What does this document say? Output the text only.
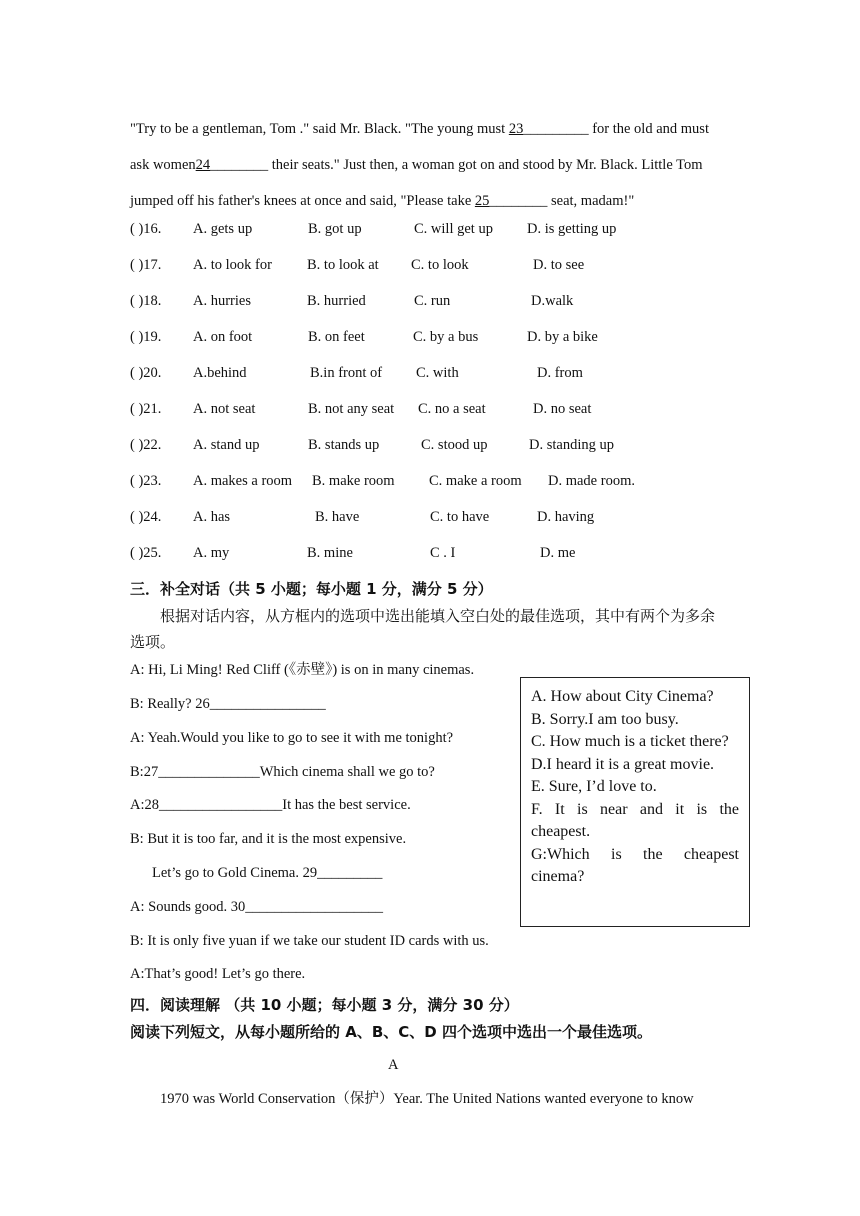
"Try to be a gentleman, Tom ." said Mr. Black. "The young must 23_________ for the old and must
ask women24________ their seats." Just then, a woman got on and stood by Mr. Black. Little Tom
jumped off his father's knees at once and said, "Please take 25________ seat, madam!"
( )16. A. gets up	B. got up	C. will get up D. is getting up
( )17. A. to look for B. to look at C. to look	D. to see
( )18. A. hurries	B. hurried	C. run	D.walk
( )19. A. on foot	B. on feet	C. by a bus	D. by a bike
( )20. A.behind	B.in front of C. with	D. from
( )21. A. not seat	B. not any seat C. no a seat	D. no seat
( )22. A. stand up	B. stands up	C. stood up	D. standing up
( )23. A. makes a room B. make room C. make a room D. made room.
( )24. A. has	B. have	C. to have	D. having
( )25. A. my	B. mine	C . I	D. me
三．补全对话（共 5 小题；每小题 1 分，满分 5 分）
根据对话内容，从方框内的选项中选出能填入空白处的最佳选项，其中有两个为多余
选项。
A: Hi, Li Ming! Red Cliff (《赤壁》) is on in many cinemas.
B: Really? 26________________
A: Yeah.Would you like to go to see it with me tonight?
B:27______________Which cinema shall we go to?
A:28_________________It has the best service.
B: But it is too far, and it is the most expensive.
Let’s go to Gold Cinema. 29_________
A: Sounds good. 30___________________
B: It is only five yuan if we take our student ID cards with us.
A:That’s good! Let’s go there.
A. How about City Cinema?
B. Sorry.I am too busy.
C. How much is a ticket there?
D.I heard it is a great movie.
E. Sure, I’d love to.
F. It is near and it is the cheapest.
G:Which is the cheapest cinema?
四．阅读理解 （共 10 小题；每小题 3 分，满分 30 分）
阅读下列短文，从每小题所给的 A、B、C、D 四个选项中选出一个最佳选项。
A
1970 was World Conservation（保护）Year. The United Nations wanted everyone to know
